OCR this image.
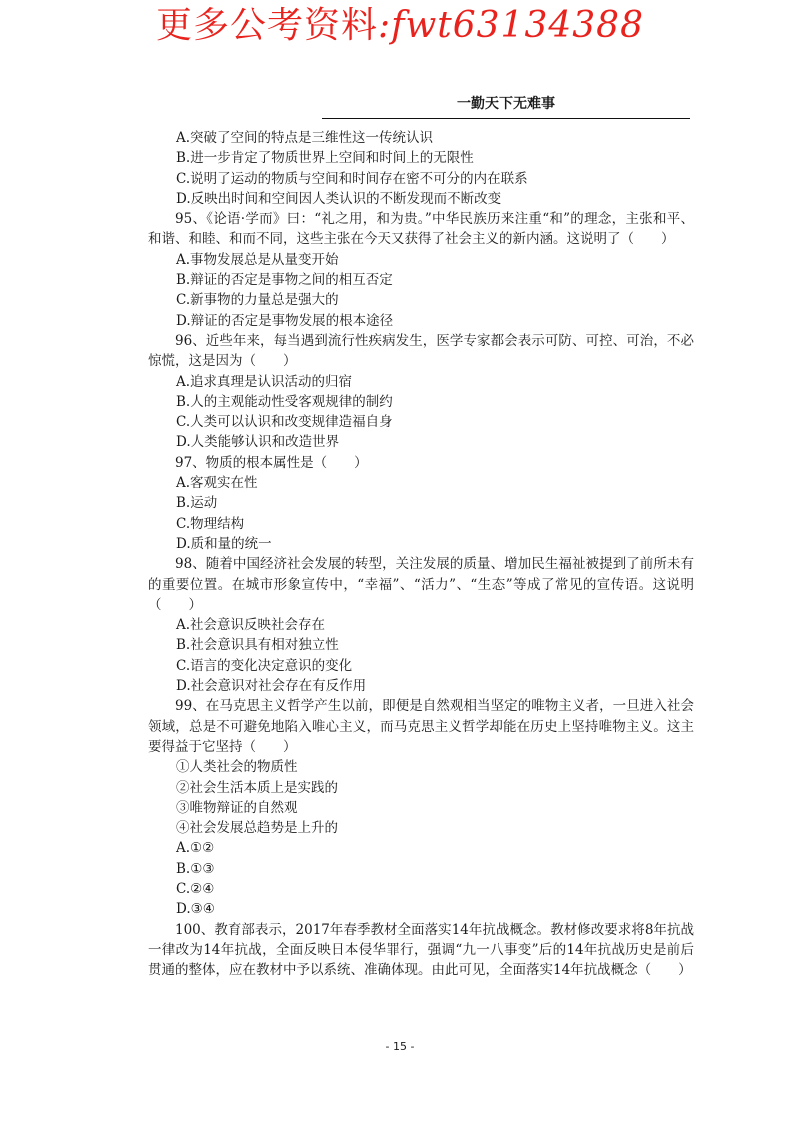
更多公考资料:fwt63134388
一勤天下无难事

A.突破了空间的特点是三维性这一传统认识

B.进一步肯定了物质世界上空间和时间上的无限性

C.说明了运动的物质与空间和时间存在密不可分的内在联系

D.反映出时间和空间因人类认识的不断发现而不断改变

95、《论语·学而》曰：“礼之用，和为贵。”中华民族历来注重“和”的理念，主张和平、和谐、和睦、和而不同，这些主张在今天又获得了社会主义的新内涵。这说明了（　　）

A.事物发展总是从量变开始

B.辩证的否定是事物之间的相互否定

C.新事物的力量总是强大的

D.辩证的否定是事物发展的根本途径

96、近些年来，每当遇到流行性疾病发生，医学专家都会表示可防、可控、可治，不必惊慌，这是因为（　　）

A.追求真理是认识活动的归宿

B.人的主观能动性受客观规律的制约

C.人类可以认识和改变规律造福自身

D.人类能够认识和改造世界

97、物质的根本属性是（　　）

A.客观实在性

B.运动

C.物理结构

D.质和量的统一

98、随着中国经济社会发展的转型，关注发展的质量、增加民生福祉被提到了前所未有的重要位置。在城市形象宣传中，“幸福”、“活力”、“生态”等成了常见的宣传语。这说明（　　）

A.社会意识反映社会存在

B.社会意识具有相对独立性

C.语言的变化决定意识的变化

D.社会意识对社会存在有反作用

99、在马克思主义哲学产生以前，即便是自然观相当坚定的唯物主义者，一旦进入社会领域，总是不可避免地陷入唯心主义，而马克思主义哲学却能在历史上坚持唯物主义。这主要得益于它坚持（　　）

①人类社会的物质性

②社会生活本质上是实践的

③唯物辩证的自然观

④社会发展总趋势是上升的

A.①②

B.①③

C.②④

D.③④

100、教育部表示，2017年春季教材全面落实14年抗战概念。教材修改要求将8年抗战一律改为14年抗战，全面反映日本侵华罪行，强调“九一八事变”后的14年抗战历史是前后贯通的整体，应在教材中予以系统、准确体现。由此可见，全面落实14年抗战概念（　　）

- 15 -
